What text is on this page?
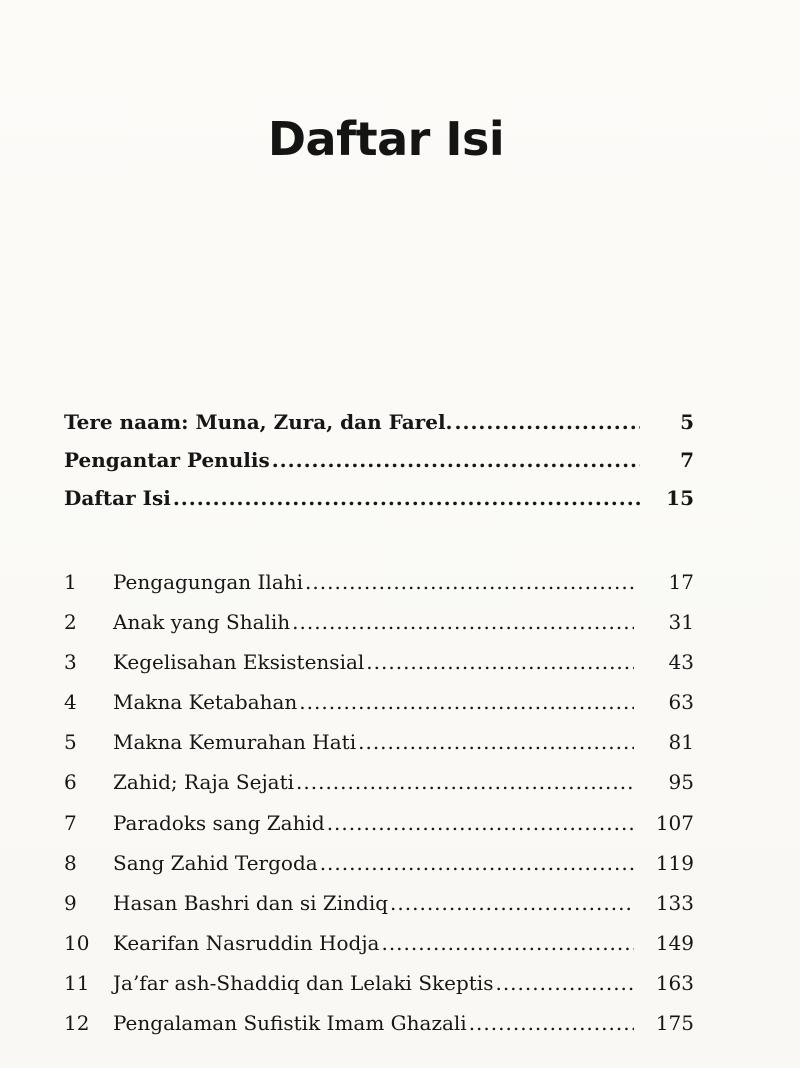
Daftar Isi
Tere naam: Muna, Zura, dan Farel. .....	5
Pengantar Penulis .....	7
Daftar Isi .....	15
1	Pengagungan Ilahi .....	17
2	Anak yang Shalih .....	31
3	Kegelisahan Eksistensial .....	43
4	Makna Ketabahan .....	63
5	Makna Kemurahan Hati .....	81
6	Zahid; Raja Sejati .....	95
7	Paradoks sang Zahid .....	107
8	Sang Zahid Tergoda .....	119
9	Hasan Bashri dan si Zindiq .....	133
10	Kearifan Nasruddin Hodja .....	149
11	Ja’far ash-Shaddiq dan Lelaki Skeptis .....	163
12	Pengalaman Sufistik Imam Ghazali .....	175
